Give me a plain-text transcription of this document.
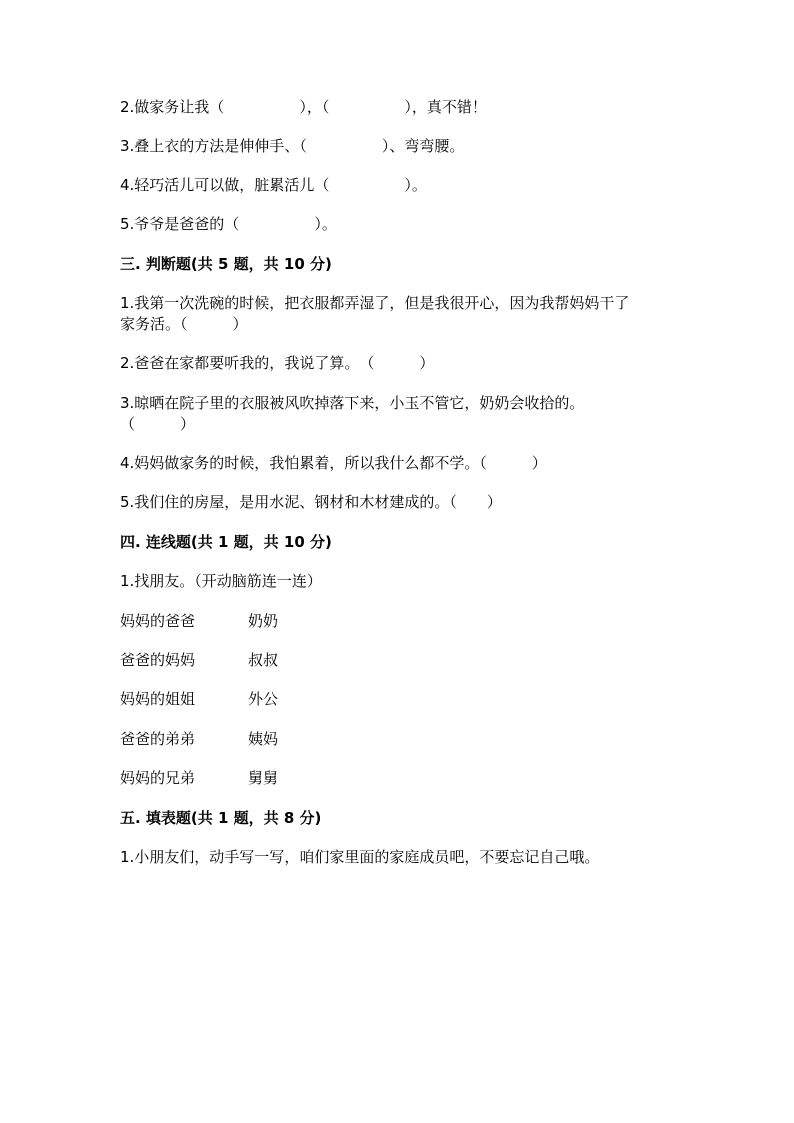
2.做家务让我（　　　　　），（　　　　　），真不错！
3.叠上衣的方法是伸伸手、（　　　　　）、弯弯腰。
4.轻巧活儿可以做，脏累活儿（　　　　　）。
5.爷爷是爸爸的（　　　　　）。
三. 判断题(共 5 题，共 10 分)
1.我第一次洗碗的时候，把衣服都弄湿了，但是我很开心，因为我帮妈妈干了
家务活。（　　　）
2.爸爸在家都要听我的，我说了算。　（　　　）
3.晾晒在院子里的衣服被风吹掉落下来，小玉不管它，奶奶会收拾的。
（　　　）
4.妈妈做家务的时候，我怕累着，所以我什么都不学。（　　　）
5.我们住的房屋，是用水泥、钢材和木材建成的。（　　）
四. 连线题(共 1 题，共 10 分)
1.找朋友。（开动脑筋连一连）
妈妈的爸爸	奶奶
爸爸的妈妈	叔叔
妈妈的姐姐	外公
爸爸的弟弟	姨妈
妈妈的兄弟	舅舅
五. 填表题(共 1 题，共 8 分)
1.小朋友们，动手写一写，咱们家里面的家庭成员吧，不要忘记自己哦。
